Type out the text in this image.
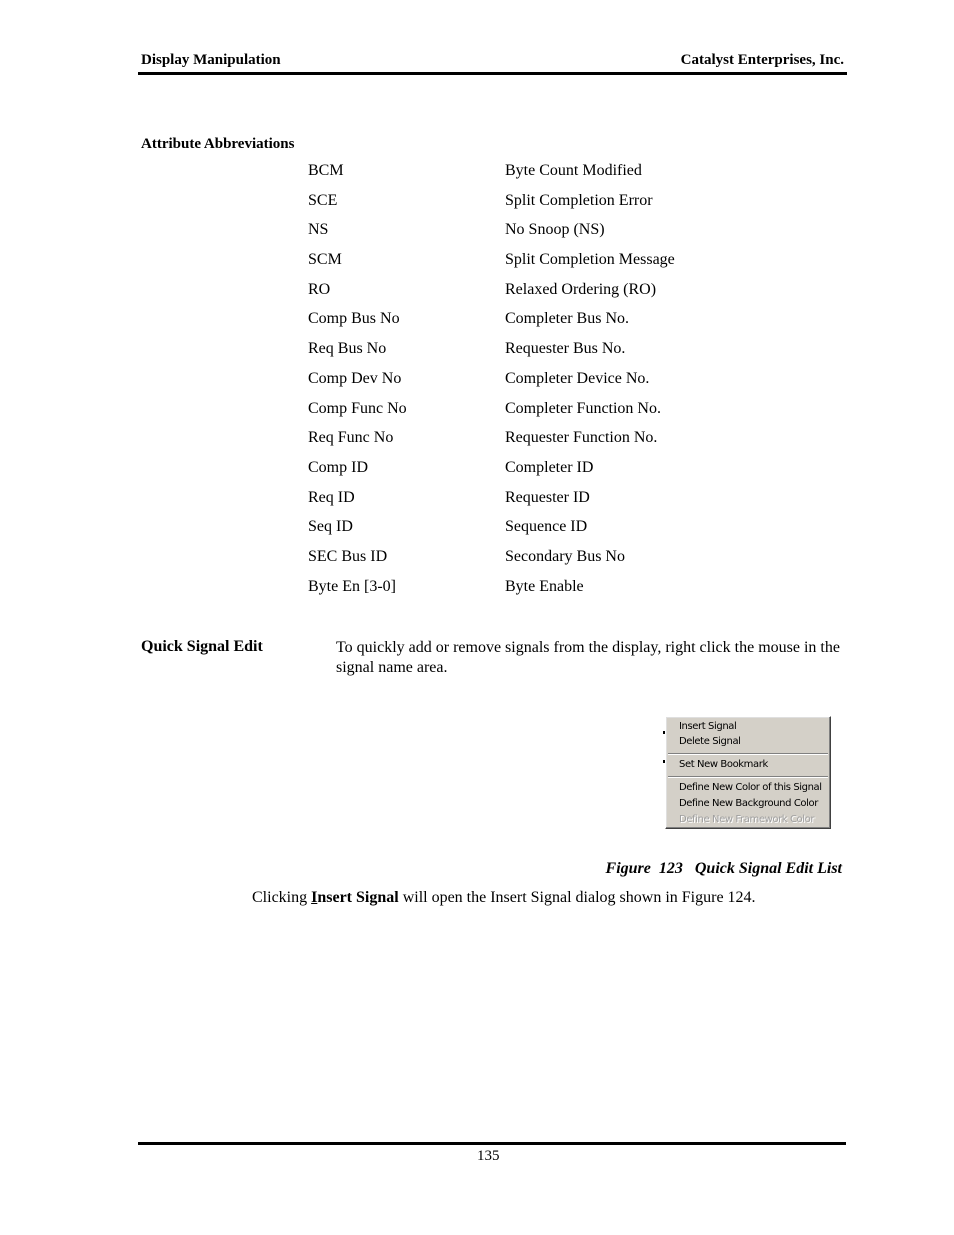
Display Manipulation	Catalyst Enterprises, Inc.
Attribute Abbreviations
BCM	Byte Count Modified
SCE	Split Completion Error
NS	No Snoop (NS)
SCM	Split Completion Message
RO	Relaxed Ordering (RO)
Comp Bus No	Completer Bus No.
Req Bus No	Requester Bus No.
Comp Dev No	Completer Device No.
Comp Func No	Completer Function No.
Req Func No	Requester Function No.
Comp ID	Completer ID
Req ID	Requester ID
Seq ID	Sequence ID
SEC Bus ID	Secondary Bus No
Byte En [3-0]	Byte Enable
Quick Signal Edit	To quickly add or remove signals from the display, right click the mouse in the signal name area.
Insert Signal
Delete Signal
Set New Bookmark
Define New Color of this Signal
Define New Background Color
Define New Framework Color
Figure  123   Quick Signal Edit List
Clicking Insert Signal will open the Insert Signal dialog shown in Figure 124.
135
